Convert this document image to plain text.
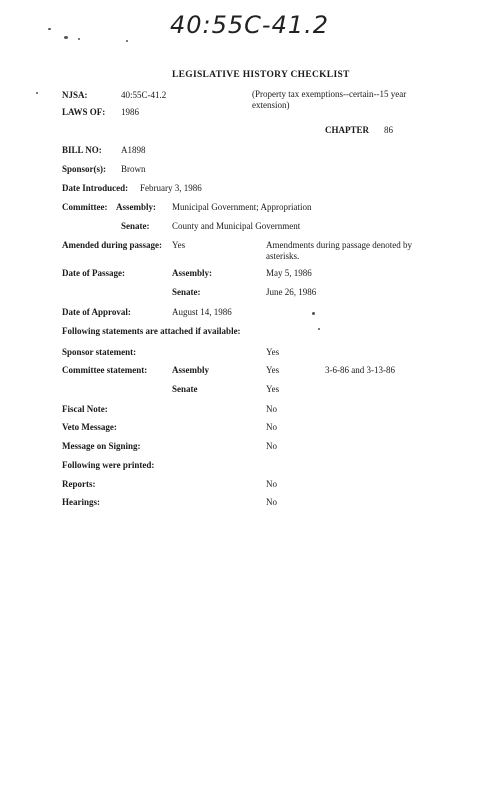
40:55C-41.2
LEGISLATIVE HISTORY CHECKLIST
NJSA:	40:55C-41.2	(Property tax exemptions--certain--15 year extension)
LAWS OF: 1986
CHAPTER 86
BILL NO: A1898
Sponsor(s): Brown
Date Introduced: February 3, 1986
Committee: Assembly: Municipal Government; Appropriation
Senate:	County and Municipal Government
Amended during passage: Yes	Amendments during passage denoted by asterisks.
Date of Passage:	Assembly:	May 5, 1986
Senate:	June 26, 1986
Date of Approval:	August 14, 1986
Following statements are attached if available:
Sponsor statement:	Yes
Committee statement:	Assembly	Yes	3-6-86 and 3-13-86
Senate	Yes
Fiscal Note:	No
Veto Message:	No
Message on Signing:	No
Following were printed:
Reports:	No
Hearings:	No
